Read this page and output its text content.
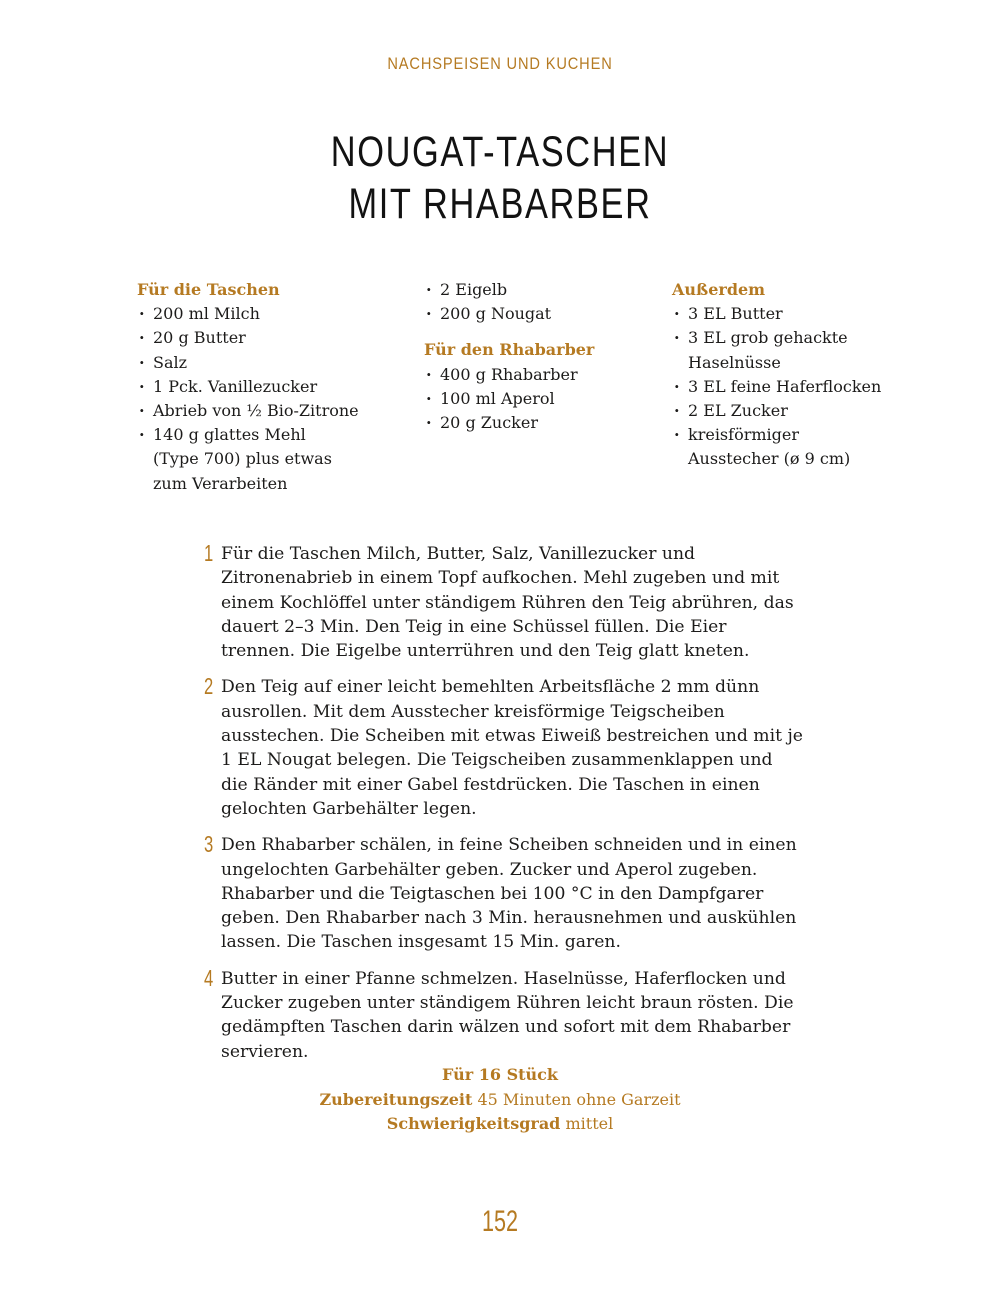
NACHSPEISEN UND KUCHEN
NOUGAT-TASCHEN
MIT RHABARBER
Für die Taschen
· 200 ml Milch
· 20 g Butter
· Salz
· 1 Pck. Vanillezucker
· Abrieb von ½ Bio-Zitrone
· 140 g glattes Mehl (Type 700) plus etwas zum Verarbeiten
· 2 Eigelb
· 200 g Nougat
Für den Rhabarber
· 400 g Rhabarber
· 100 ml Aperol
· 20 g Zucker
Außerdem
· 3 EL Butter
· 3 EL grob gehackte Haselnüsse
· 3 EL feine Haferflocken
· 2 EL Zucker
· kreisförmiger Ausstecher (ø 9 cm)
1 Für die Taschen Milch, Butter, Salz, Vanillezucker und Zitronenabrieb in einem Topf aufkochen. Mehl zugeben und mit einem Kochlöffel unter ständigem Rühren den Teig abrühren, das dauert 2–3 Min. Den Teig in eine Schüssel füllen. Die Eier trennen. Die Eigelbe unterrühren und den Teig glatt kneten.
2 Den Teig auf einer leicht bemehlten Arbeitsfläche 2 mm dünn ausrollen. Mit dem Ausstecher kreisförmige Teigscheiben ausstechen. Die Scheiben mit etwas Eiweiß bestreichen und mit je 1 EL Nougat belegen. Die Teigscheiben zusammenklappen und die Ränder mit einer Gabel festdrücken. Die Taschen in einen gelochten Garbehälter legen.
3 Den Rhabarber schälen, in feine Scheiben schneiden und in einen ungelochten Garbehälter geben. Zucker und Aperol zugeben. Rhabarber und die Teigtaschen bei 100 °C in den Dampfgarer geben. Den Rhabarber nach 3 Min. herausnehmen und auskühlen lassen. Die Taschen insgesamt 15 Min. garen.
4 Butter in einer Pfanne schmelzen. Haselnüsse, Haferflocken und Zucker zugeben unter ständigem Rühren leicht braun rösten. Die gedämpften Taschen darin wälzen und sofort mit dem Rhabarber servieren.
Für 16 Stück
Zubereitungszeit 45 Minuten ohne Garzeit
Schwierigkeitsgrad mittel
152
